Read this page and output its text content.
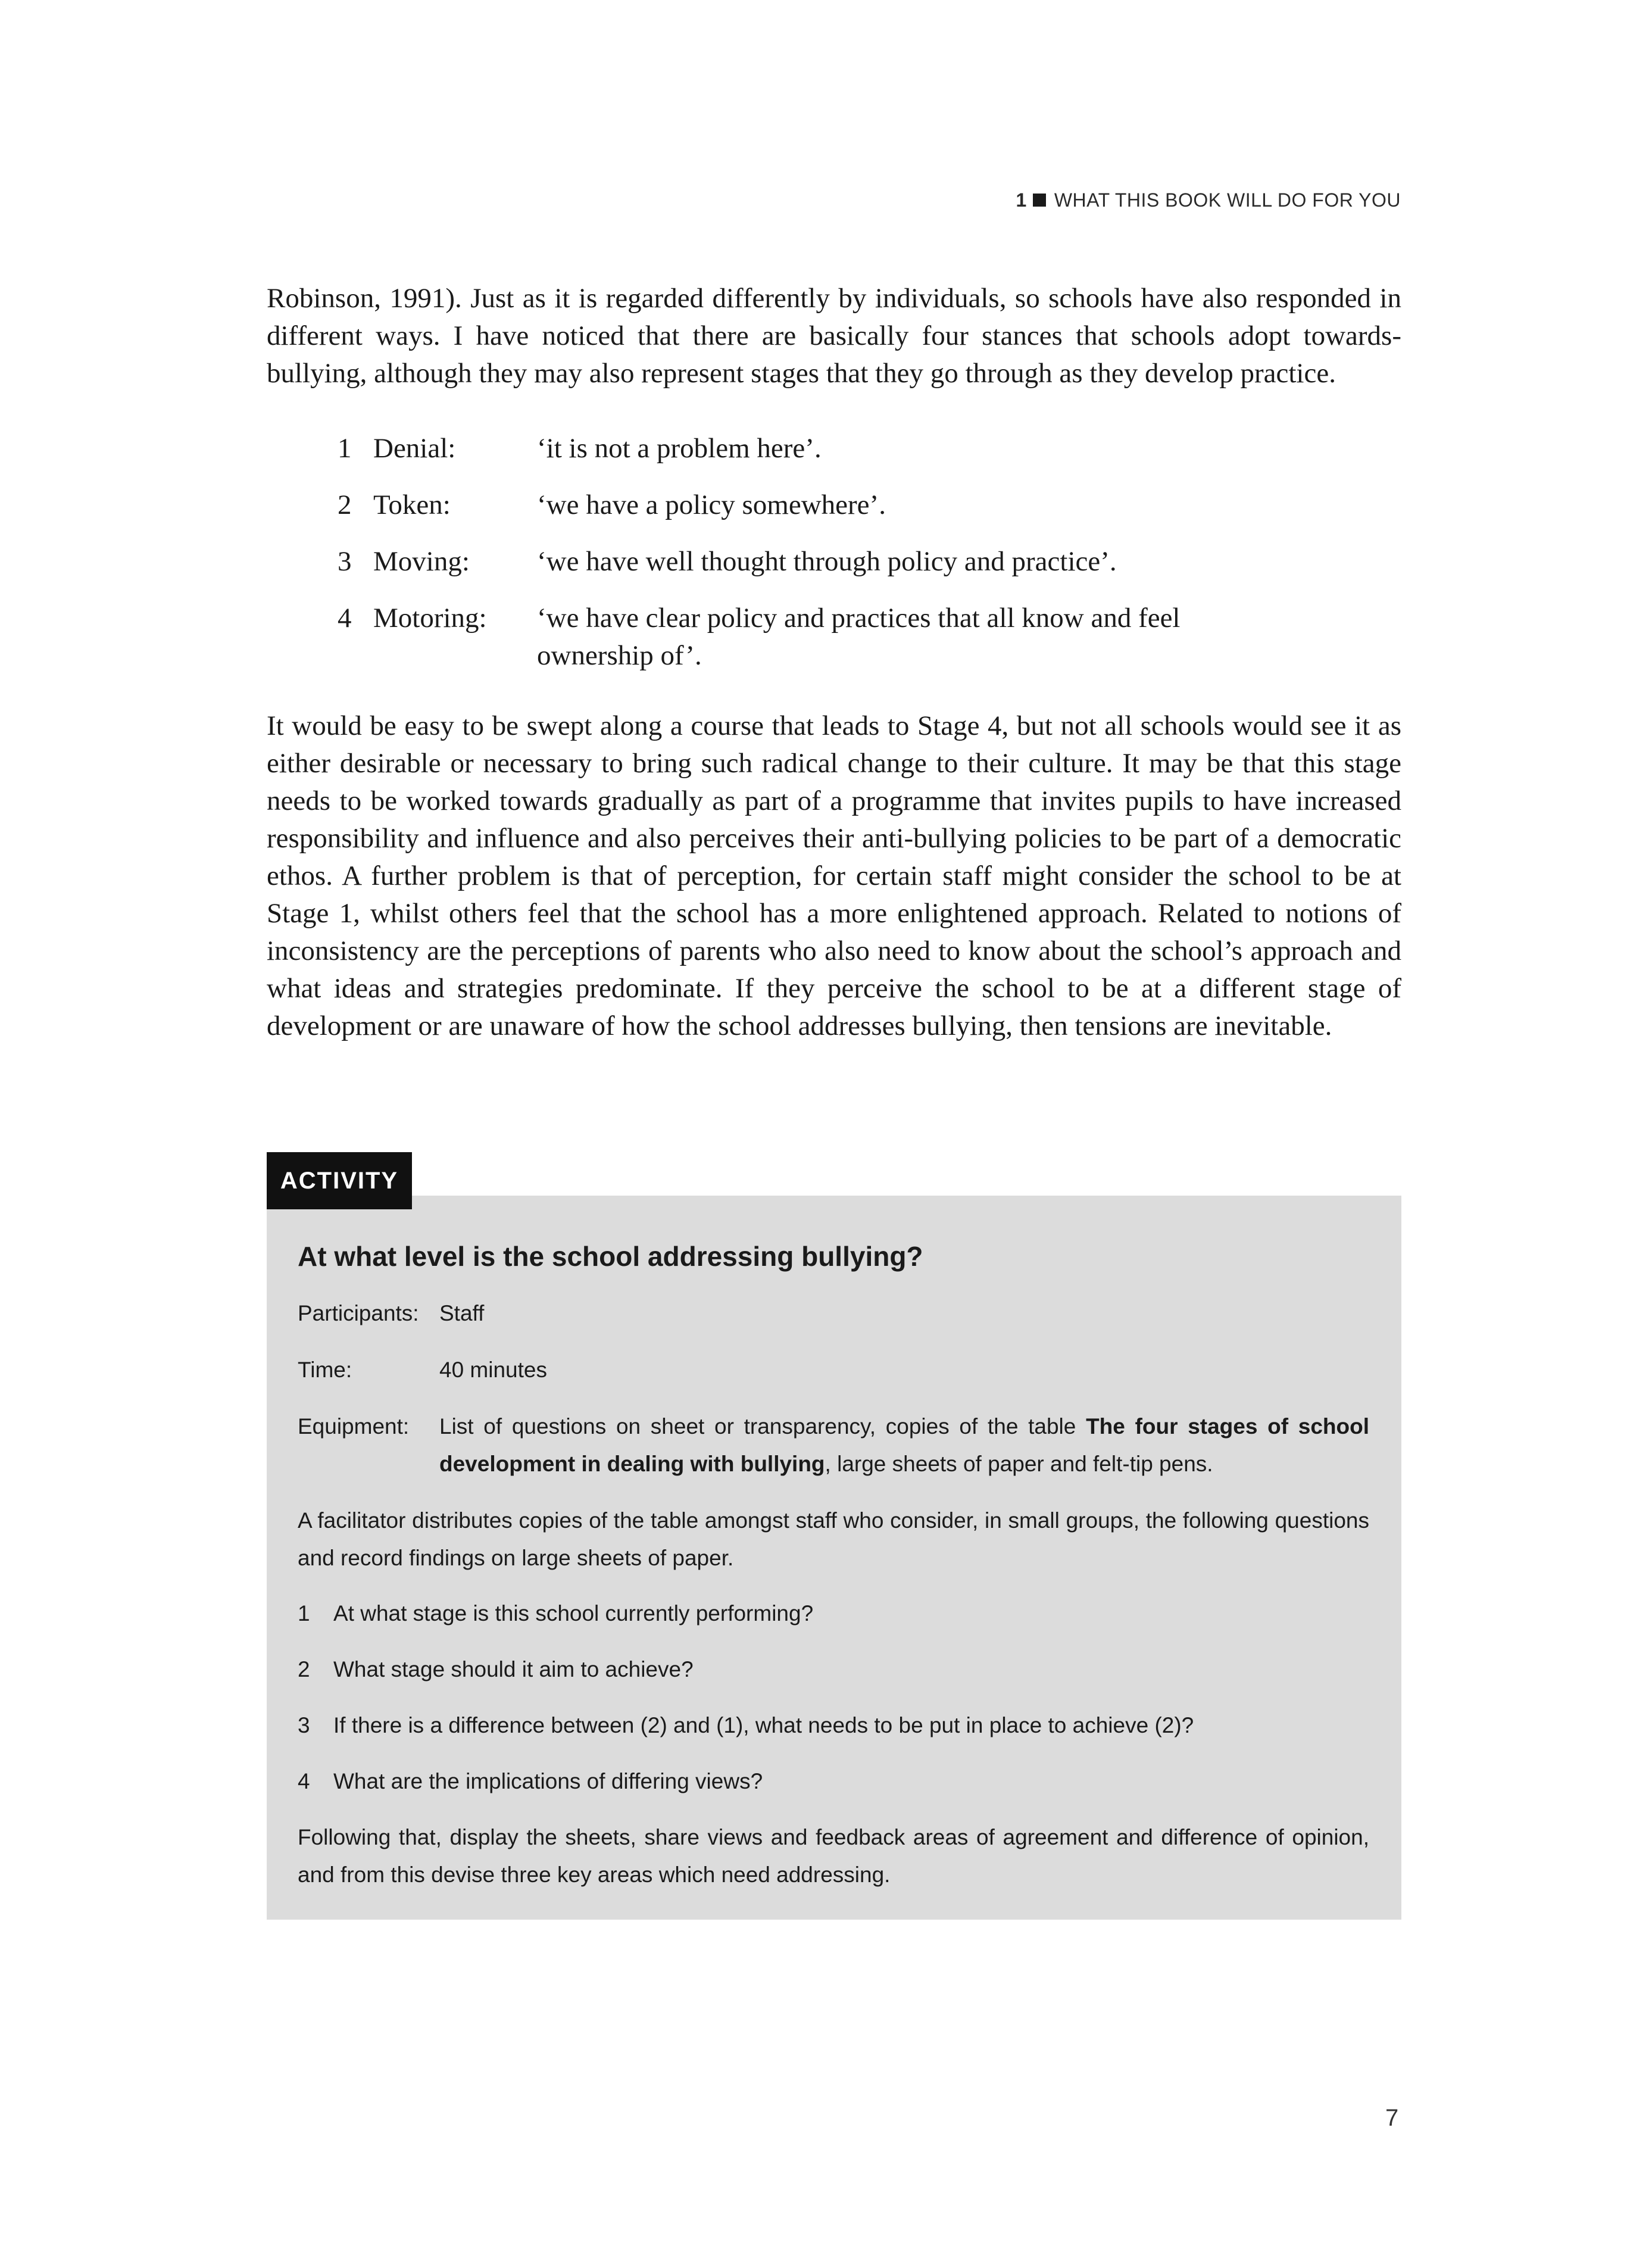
1 WHAT THIS BOOK WILL DO FOR YOU

Robinson, 1991). Just as it is regarded differently by individuals, so schools have also responded in different ways. I have noticed that there are basically four stances that schools adopt towards-bullying, although they may also represent stages that they go through as they develop practice.

1 Denial:	‘it is not a problem here’.
2 Token:	‘we have a policy somewhere’.
3 Moving: ‘we have well thought through policy and practice’.
4 Motoring: ‘we have clear policy and practices that all know and feel ownership of’.

It would be easy to be swept along a course that leads to Stage 4, but not all schools would see it as either desirable or necessary to bring such radical change to their culture. It may be that this stage needs to be worked towards gradually as part of a programme that invites pupils to have increased responsibility and influence and also perceives their anti-bullying policies to be part of a democratic ethos. A further problem is that of perception, for certain staff might consider the school to be at Stage 1, whilst others feel that the school has a more enlightened approach. Related to notions of inconsistency are the perceptions of parents who also need to know about the school’s approach and what ideas and strategies predominate. If they perceive the school to be at a different stage of development or are unaware of how the school addresses bullying, then tensions are inevitable.

At what level is the school addressing bullying?
Participants: Staff
Time:	40 minutes
Equipment: List of questions on sheet or transparency, copies of the table The four stages of school development in dealing with bullying, large sheets of paper and felt-tip pens.

A facilitator distributes copies of the table amongst staff who consider, in small groups, the following questions and record findings on large sheets of paper.

1 At what stage is this school currently performing?
2 What stage should it aim to achieve?
3 If there is a difference between (2) and (1), what needs to be put in place to achieve (2)?
4 What are the implications of differing views?

Following that, display the sheets, share views and feedback areas of agreement and difference of opinion, and from this devise three key areas which need addressing.

ACTIVITY
7
